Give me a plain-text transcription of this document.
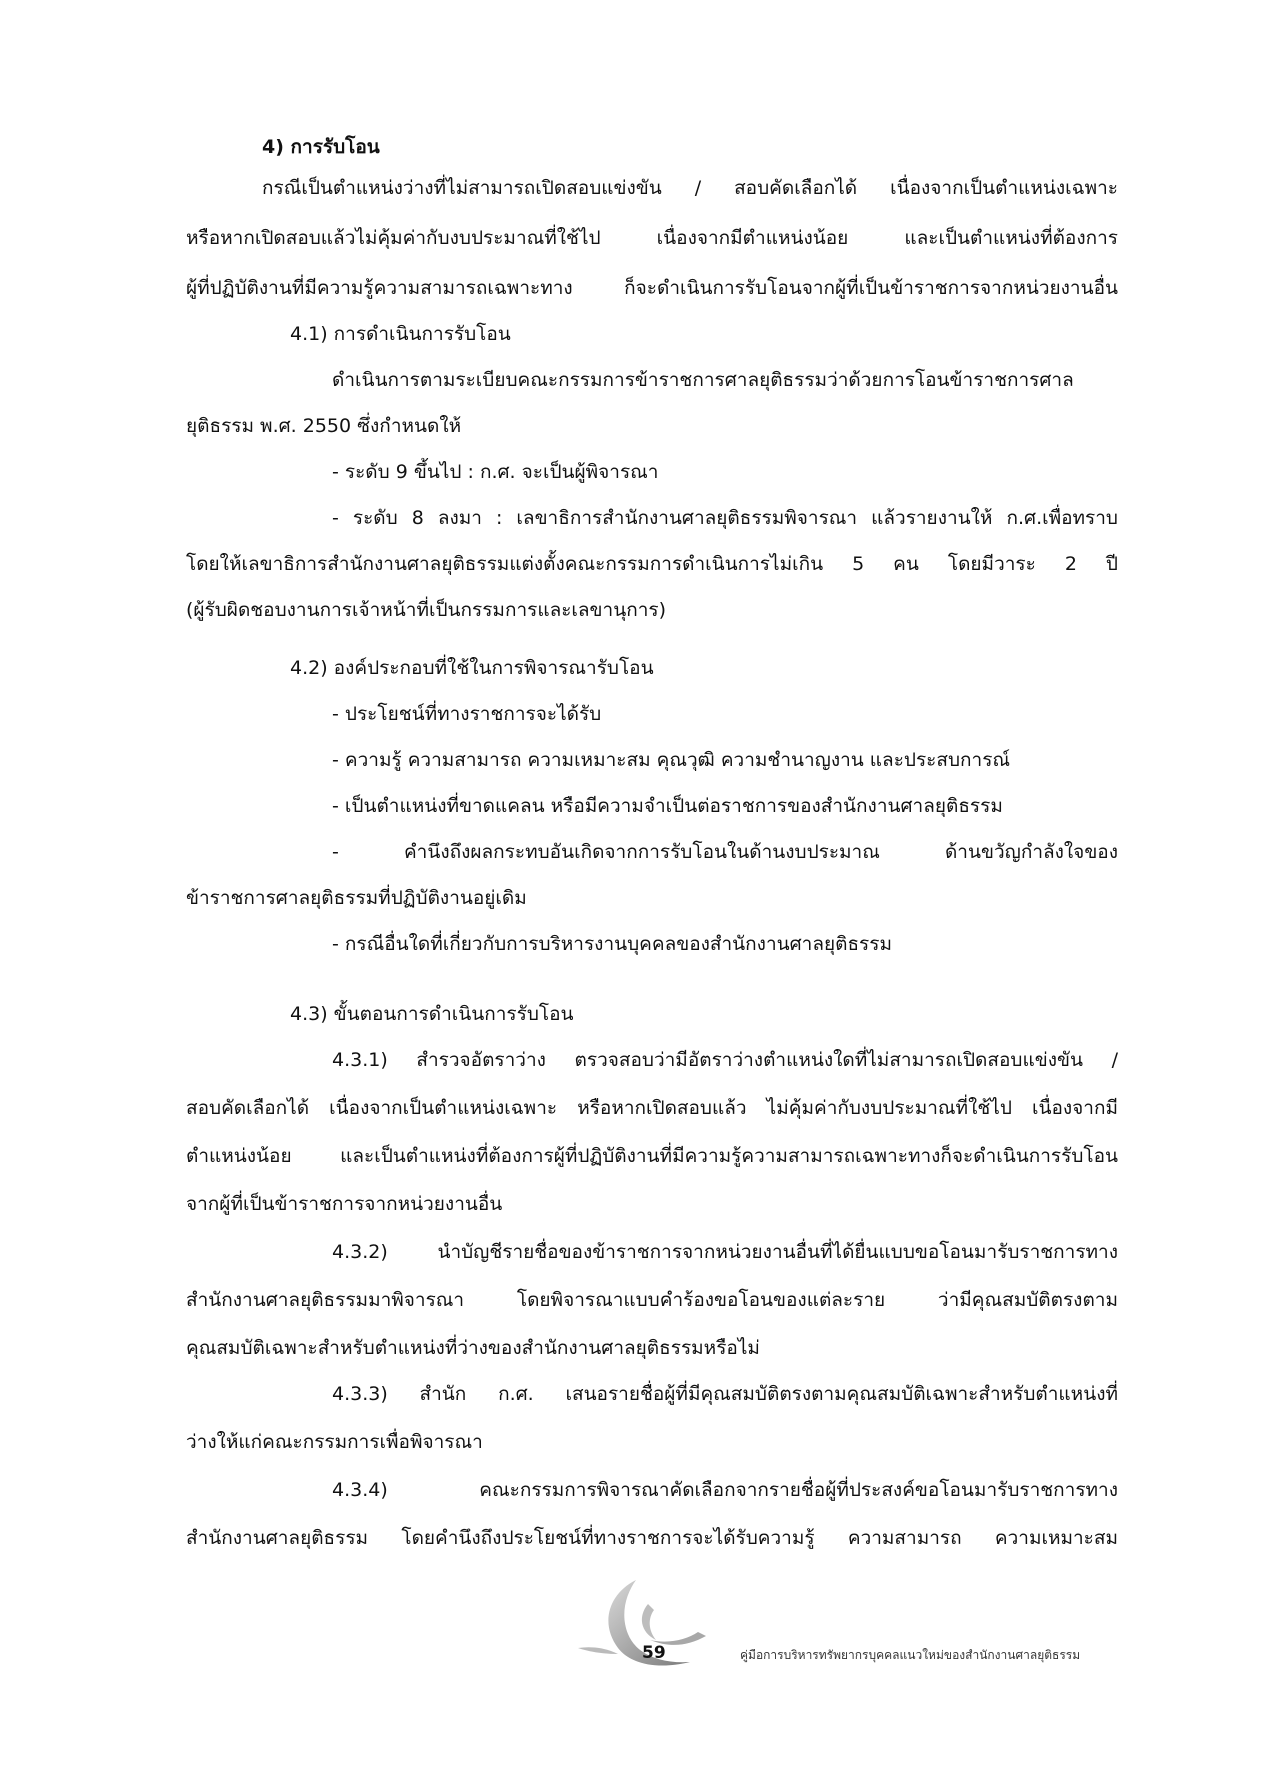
4) การรับโอน
กรณีเป็นตำแหน่งว่างที่ไม่สามารถเปิดสอบแข่งขัน / สอบคัดเลือกได้ เนื่องจากเป็นตำแหน่งเฉพาะ
หรือหากเปิดสอบแล้วไม่คุ้มค่ากับงบประมาณที่ใช้ไป เนื่องจากมีตำแหน่งน้อย และเป็นตำแหน่งที่ต้องการ
ผู้ที่ปฏิบัติงานที่มีความรู้ความสามารถเฉพาะทาง ก็จะดำเนินการรับโอนจากผู้ที่เป็นข้าราชการจากหน่วยงานอื่น
4.1) การดำเนินการรับโอน
ดำเนินการตามระเบียบคณะกรรมการข้าราชการศาลยุติธรรมว่าด้วยการโอนข้าราชการศาล
ยุติธรรม พ.ศ. 2550 ซึ่งกำหนดให้
- ระดับ 9 ขึ้นไป : ก.ศ. จะเป็นผู้พิจารณา
- ระดับ 8 ลงมา : เลขาธิการสำนักงานศาลยุติธรรมพิจารณา แล้วรายงานให้ ก.ศ.เพื่อทราบ
โดยให้เลขาธิการสำนักงานศาลยุติธรรมแต่งตั้งคณะกรรมการดำเนินการไม่เกิน 5 คน โดยมีวาระ 2 ปี
(ผู้รับผิดชอบงานการเจ้าหน้าที่เป็นกรรมการและเลขานุการ)
4.2) องค์ประกอบที่ใช้ในการพิจารณารับโอน
- ประโยชน์ที่ทางราชการจะได้รับ
- ความรู้ ความสามารถ ความเหมาะสม คุณวุฒิ ความชำนาญงาน และประสบการณ์
- เป็นตำแหน่งที่ขาดแคลน หรือมีความจำเป็นต่อราชการของสำนักงานศาลยุติธรรม
- คำนึงถึงผลกระทบอันเกิดจากการรับโอนในด้านงบประมาณ ด้านขวัญกำลังใจของ
ข้าราชการศาลยุติธรรมที่ปฏิบัติงานอยู่เดิม
- กรณีอื่นใดที่เกี่ยวกับการบริหารงานบุคคลของสำนักงานศาลยุติธรรม
4.3) ขั้นตอนการดำเนินการรับโอน
4.3.1) สำรวจอัตราว่าง ตรวจสอบว่ามีอัตราว่างตำแหน่งใดที่ไม่สามารถเปิดสอบแข่งขัน /
สอบคัดเลือกได้ เนื่องจากเป็นตำแหน่งเฉพาะ หรือหากเปิดสอบแล้ว ไม่คุ้มค่ากับงบประมาณที่ใช้ไป เนื่องจากมี
ตำแหน่งน้อย และเป็นตำแหน่งที่ต้องการผู้ที่ปฏิบัติงานที่มีความรู้ความสามารถเฉพาะทางก็จะดำเนินการรับโอน
จากผู้ที่เป็นข้าราชการจากหน่วยงานอื่น
4.3.2) นำบัญชีรายชื่อของข้าราชการจากหน่วยงานอื่นที่ได้ยื่นแบบขอโอนมารับราชการทาง
สำนักงานศาลยุติธรรมมาพิจารณา โดยพิจารณาแบบคำร้องขอโอนของแต่ละราย ว่ามีคุณสมบัติตรงตาม
คุณสมบัติเฉพาะสำหรับตำแหน่งที่ว่างของสำนักงานศาลยุติธรรมหรือไม่
4.3.3) สำนัก ก.ศ. เสนอรายชื่อผู้ที่มีคุณสมบัติตรงตามคุณสมบัติเฉพาะสำหรับตำแหน่งที่
ว่างให้แก่คณะกรรมการเพื่อพิจารณา
4.3.4) คณะกรรมการพิจารณาคัดเลือกจากรายชื่อผู้ที่ประสงค์ขอโอนมารับราชการทาง
สำนักงานศาลยุติธรรม โดยคำนึงถึงประโยชน์ที่ทางราชการจะได้รับความรู้ ความสามารถ ความเหมาะสม
59	คู่มือการบริหารทรัพยากรบุคคลแนวใหม่ของสำนักงานศาลยุติธรรม
